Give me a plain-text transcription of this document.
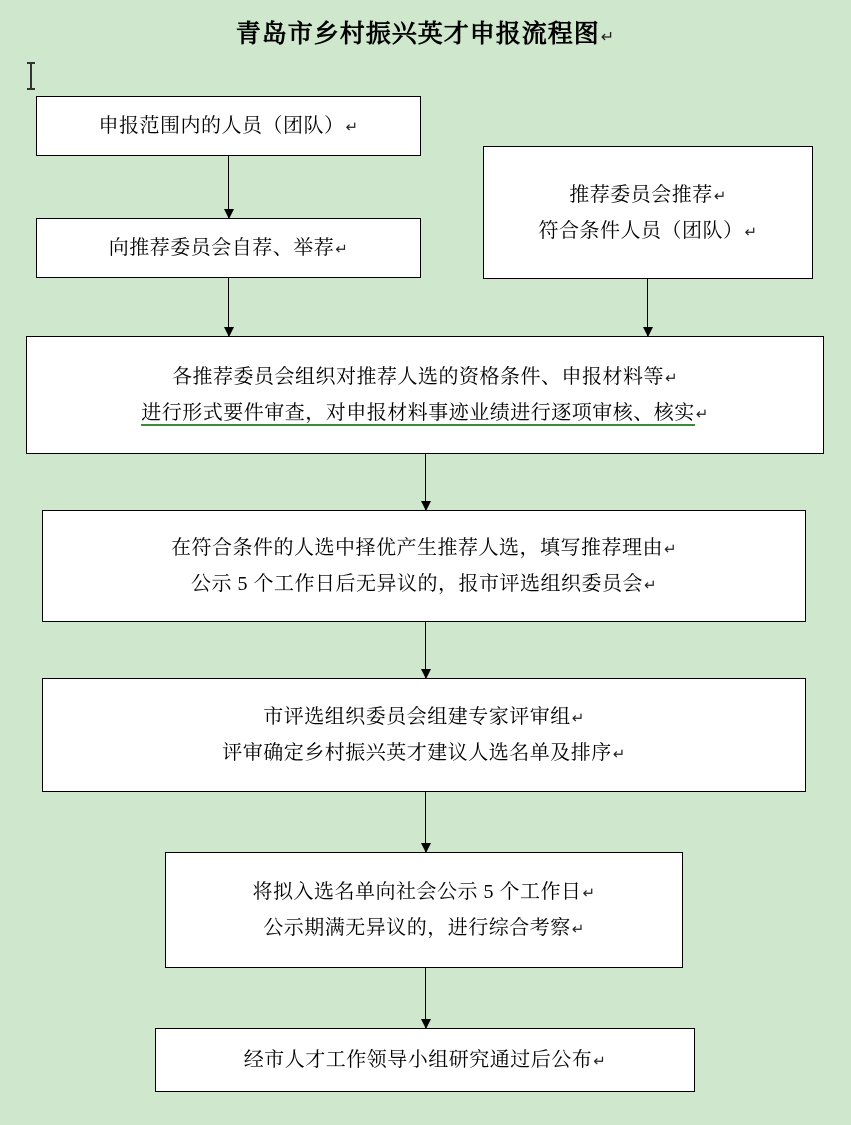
青岛市乡村振兴英才申报流程图↵
申报范围内的人员（团队）↵
向推荐委员会自荐、举荐↵
推荐委员会推荐↵
符合条件人员（团队）↵
各推荐委员会组织对推荐人选的资格条件、申报材料等↵
进行形式要件审查，对申报材料事迹业绩进行逐项审核、核实↵
在符合条件的人选中择优产生推荐人选，填写推荐理由↵
公示 5 个工作日后无异议的，报市评选组织委员会↵
市评选组织委员会组建专家评审组↵
评审确定乡村振兴英才建议人选名单及排序↵
将拟入选名单向社会公示 5 个工作日↵
公示期满无异议的，进行综合考察↵
经市人才工作领导小组研究通过后公布↵
